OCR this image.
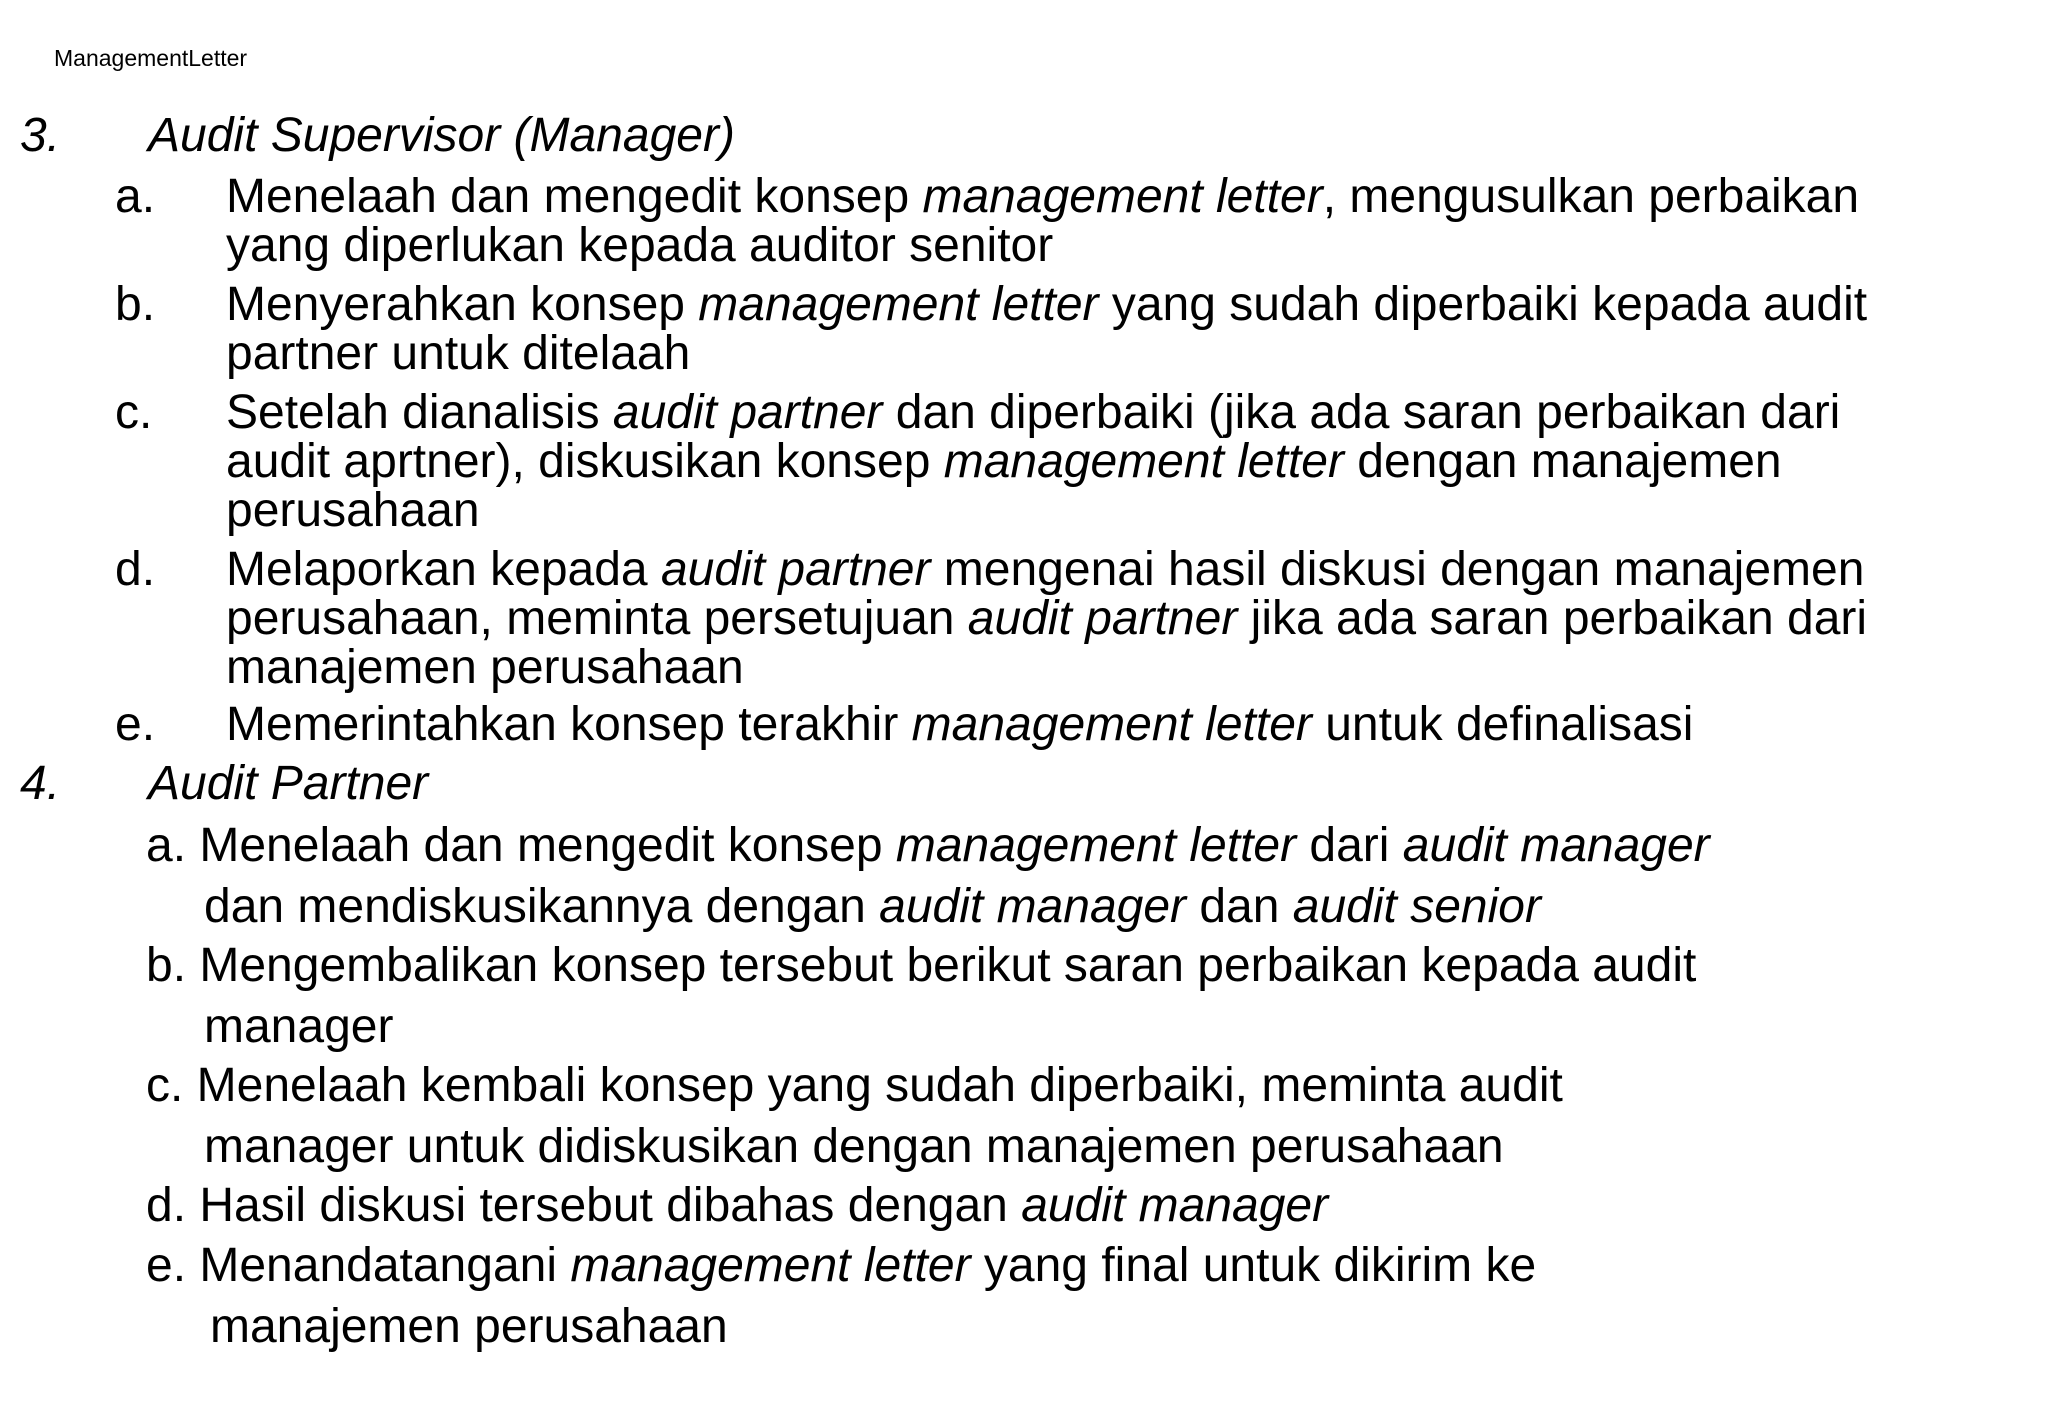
ManagementLetter
3. Audit Supervisor (Manager)
a. Menelaah dan mengedit konsep management letter, mengusulkan perbaikan
yang diperlukan kepada auditor senitor
b. Menyerahkan konsep management letter yang sudah diperbaiki kepada audit
partner untuk ditelaah
c. Setelah dianalisis audit partner dan diperbaiki (jika ada saran perbaikan dari
audit aprtner), diskusikan konsep management letter dengan manajemen
perusahaan
d. Melaporkan kepada audit partner mengenai hasil diskusi dengan manajemen
perusahaan, meminta persetujuan audit partner jika ada saran perbaikan dari
manajemen perusahaan
e. Memerintahkan konsep terakhir management letter untuk definalisasi
4. Audit Partner
a. Menelaah dan mengedit konsep management letter dari audit manager
dan mendiskusikannya dengan audit manager dan audit senior
b. Mengembalikan konsep tersebut berikut saran perbaikan kepada audit
manager
c. Menelaah kembali konsep yang sudah diperbaiki, meminta audit
manager untuk didiskusikan dengan manajemen perusahaan
d. Hasil diskusi tersebut dibahas dengan audit manager
e. Menandatangani management letter yang final untuk dikirim ke
manajemen perusahaan
